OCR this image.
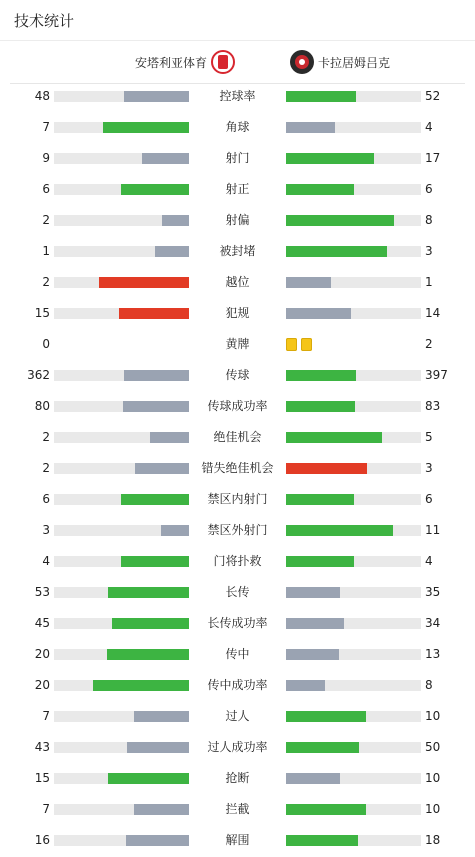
技术统计
安塔利亚体育	卡拉居姆吕克
48	控球率	52
7	角球	4
9	射门	17
6	射正	6
2	射偏	8
1	被封堵	3
2	越位	1
15	犯规	14
0	黄牌	2
362	传球	397
80	传球成功率	83
2	绝佳机会	5
2	错失绝佳机会	3
6	禁区内射门	6
3	禁区外射门	11
4	门将扑救	4
53	长传	35
45	长传成功率	34
20	传中	13
20	传中成功率	8
7	过人	10
43	过人成功率	50
15	抢断	10
7	拦截	10
16	解围	18
